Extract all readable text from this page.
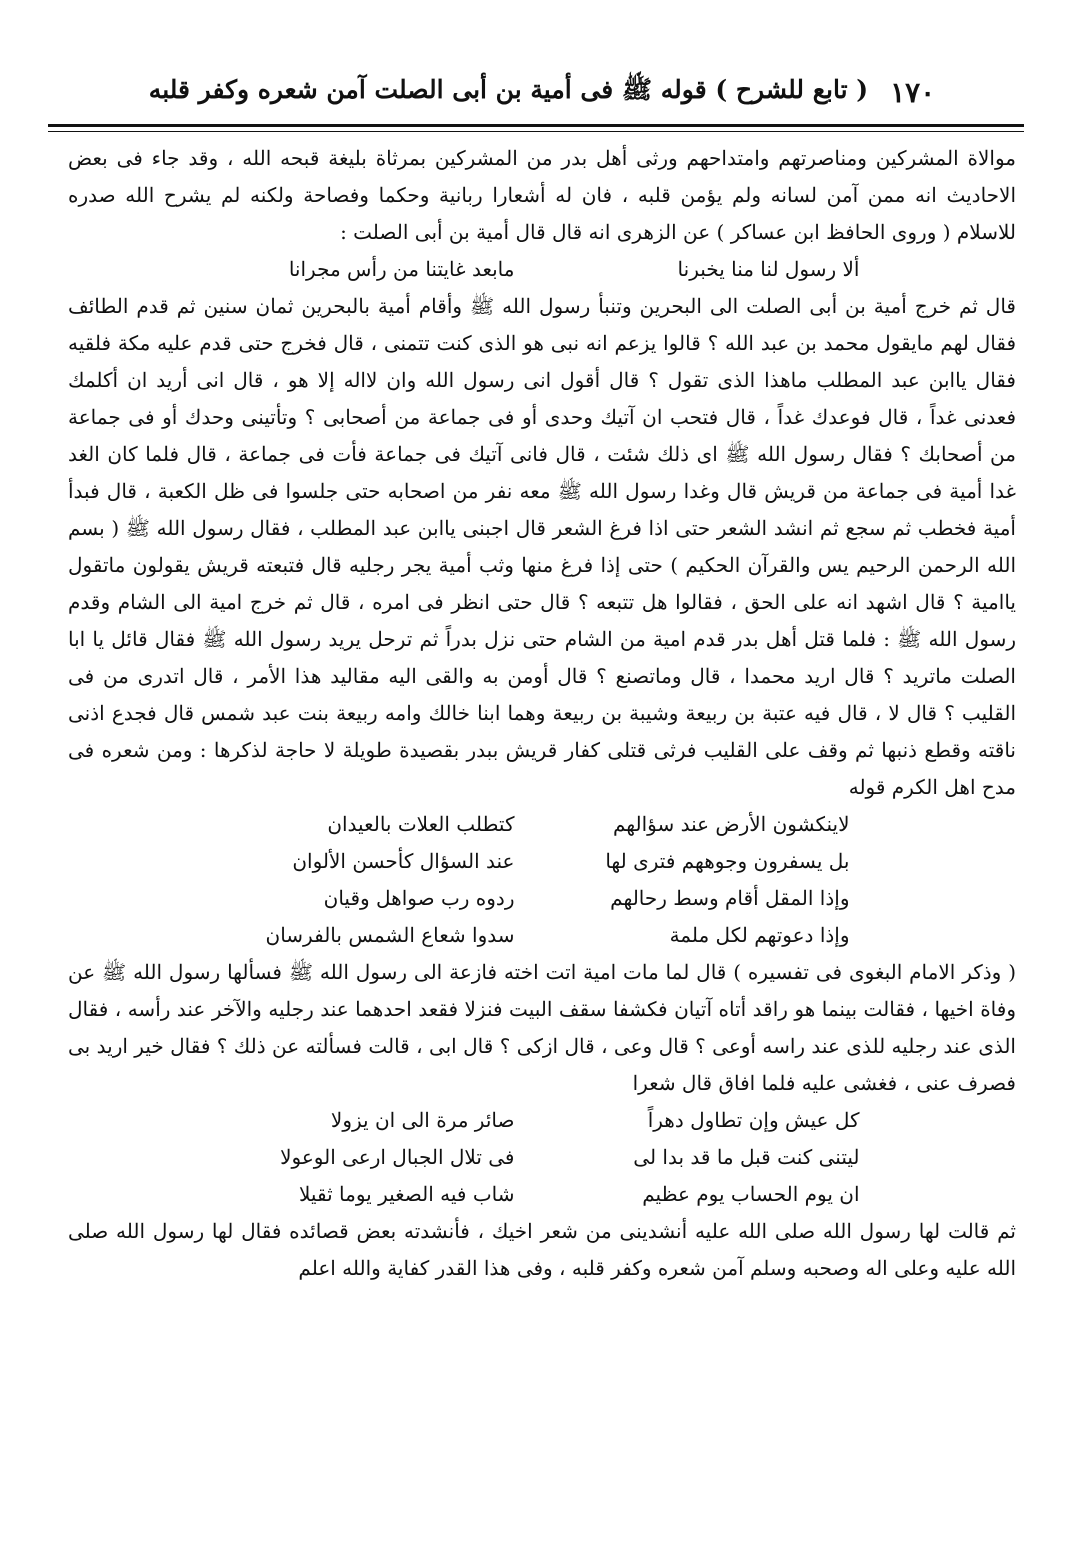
١٧٠
( تابع للشرح ) قوله ﷺ فى أمية بن أبى الصلت آمن شعره وكفر قلبه

موالاة المشركين ومناصرتهم وامتداحهم ورثى أهل بدر من المشركين بمرثاة بليغة قبحه الله ، وقد جاء فى بعض الاحاديث انه ممن آمن لسانه ولم يؤمن قلبه ، فان له أشعارا ربانية وحكما وفصاحة ولكنه لم يشرح الله صدره للاسلام ( وروى الحافظ ابن عساكر ) عن الزهرى انه قال قال أمية بن أبى الصلت :

ألا رسول لنا منا يخبرنا
مابعد غايتنا من رأس مجرانا

قال ثم خرج أمية بن أبى الصلت الى البحرين وتنبأ رسول الله ﷺ وأقام أمية بالبحرين ثمان سنين ثم قدم الطائف فقال لهم مايقول محمد بن عبد الله ؟ قالوا يزعم انه نبى هو الذى كنت تتمنى ، قال فخرج حتى قدم عليه مكة فلقيه فقال ياابن عبد المطلب ماهذا الذى تقول ؟ قال أقول انى رسول الله وان لااله إلا هو ، قال انى أريد ان أكلمك فعدنى غداً ، قال فوعدك غداً ، قال فتحب ان آتيك وحدى أو فى جماعة من أصحابى ؟ وتأتينى وحدك أو فى جماعة من أصحابك ؟ فقال رسول الله ﷺ اى ذلك شئت ، قال فانى آتيك فى جماعة فأت فى جماعة ، قال فلما كان الغد غدا أمية فى جماعة من قريش قال وغدا رسول الله ﷺ معه نفر من اصحابه حتى جلسوا فى ظل الكعبة ، قال فبدأ أمية فخطب ثم سجع ثم انشد الشعر حتى اذا فرغ الشعر قال اجبنى ياابن عبد المطلب ، فقال رسول الله ﷺ ( بسم الله الرحمن الرحيم يس والقرآن الحكيم ) حتى إذا فرغ منها وثب أمية يجر رجليه قال فتبعته قريش يقولون ماتقول ياامية ؟ قال اشهد انه على الحق ، فقالوا هل تتبعه ؟ قال حتى انظر فى امره ، قال ثم خرج امية الى الشام وقدم رسول الله ﷺ : فلما قتل أهل بدر قدم امية من الشام حتى نزل بدراً ثم ترحل يريد رسول الله ﷺ فقال قائل يا ابا الصلت ماتريد ؟ قال اريد محمدا ، قال وماتصنع ؟ قال أومن به والقى اليه مقاليد هذا الأمر ، قال اتدرى من فى القليب ؟ قال لا ، قال فيه عتبة بن ربيعة وشيبة بن ربيعة وهما ابنا خالك وامه ربيعة بنت عبد شمس قال فجدع اذنى ناقته وقطع ذنبها ثم وقف على القليب فرثى قتلى كفار قريش ببدر بقصيدة طويلة لا حاجة لذكرها : ومن شعره فى مدح اهل الكرم قوله

لاينكشون الأرض عند سؤالهم
كتطلب العلات بالعيدان
بل يسفرون وجوههم فترى لها
عند السؤال كأحسن الألوان
وإذا المقل أقام وسط رحالهم
ردوه رب صواهل وقيان
وإذا دعوتهم لكل ملمة
سدوا شعاع الشمس بالفرسان

( وذكر الامام البغوى فى تفسيره ) قال لما مات امية اتت اخته فازعة الى رسول الله ﷺ فسألها رسول الله ﷺ عن وفاة اخيها ، فقالت بينما هو راقد أتاه آتيان فكشفا سقف البيت فنزلا فقعد احدهما عند رجليه والآخر عند رأسه ، فقال الذى عند رجليه للذى عند راسه أوعى ؟ قال وعى ، قال ازكى ؟ قال ابى ، قالت فسألته عن ذلك ؟ فقال خير اريد بى فصرف عنى ، فغشى عليه فلما افاق قال شعرا

كل عيش وإن تطاول دهراً
صائر مرة الى ان يزولا
ليتنى كنت قبل ما قد بدا لى
فى تلال الجبال ارعى الوعولا
ان يوم الحساب يوم عظيم
شاب فيه الصغير يوما ثقيلا

ثم قالت لها رسول الله صلى الله عليه أنشدينى من شعر اخيك ، فأنشدته بعض قصائده فقال لها رسول الله صلى الله عليه وعلى اله وصحبه وسلم آمن شعره وكفر قلبه ، وفى هذا القدر كفاية والله اعلم
